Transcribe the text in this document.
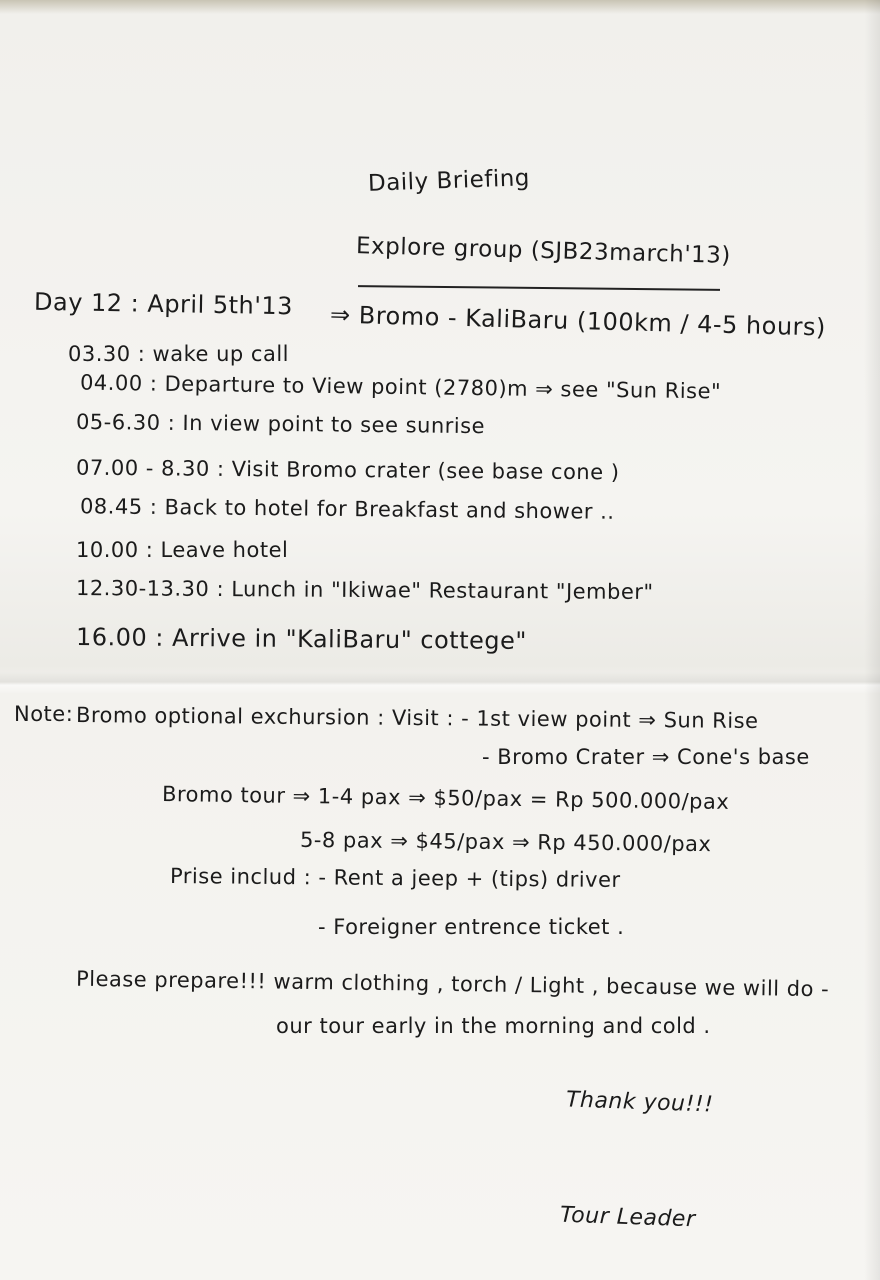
Daily Briefing
Explore group (SJB23march'13)
Day 12 : April 5th'13 ⇒ Bromo - KaliBaru (100km / 4-5 hours)
03.30 : wake up call
04.00 : Departure to View point (2780)m ⇒ see "Sun Rise"
05-6.30 : In view point to see sunrise
07.00 - 8.30 : Visit Bromo crater (see base cone )
08.45 : Back to hotel for Breakfast and shower ..
10.00 : Leave hotel
12.30-13.30 : Lunch in "Ikiwae" Restaurant "Jember"
16.00 : Arrive in "KaliBaru" cottege"
Note: Bromo optional exchursion : Visit : - 1st view point ⇒ Sun Rise
- Bromo Crater ⇒ Cone's base
Bromo tour ⇒ 1-4 pax ⇒ $50/pax = Rp 500.000/pax
5-8 pax ⇒ $45/pax ⇒ Rp 450.000/pax
Prise includ : - Rent a jeep + (tips) driver
- Foreigner entrence ticket .
Please prepare!!! warm clothing , torch / Light , because we will do -
our tour early in the morning and cold .
Thank you!!!
Tour Leader
